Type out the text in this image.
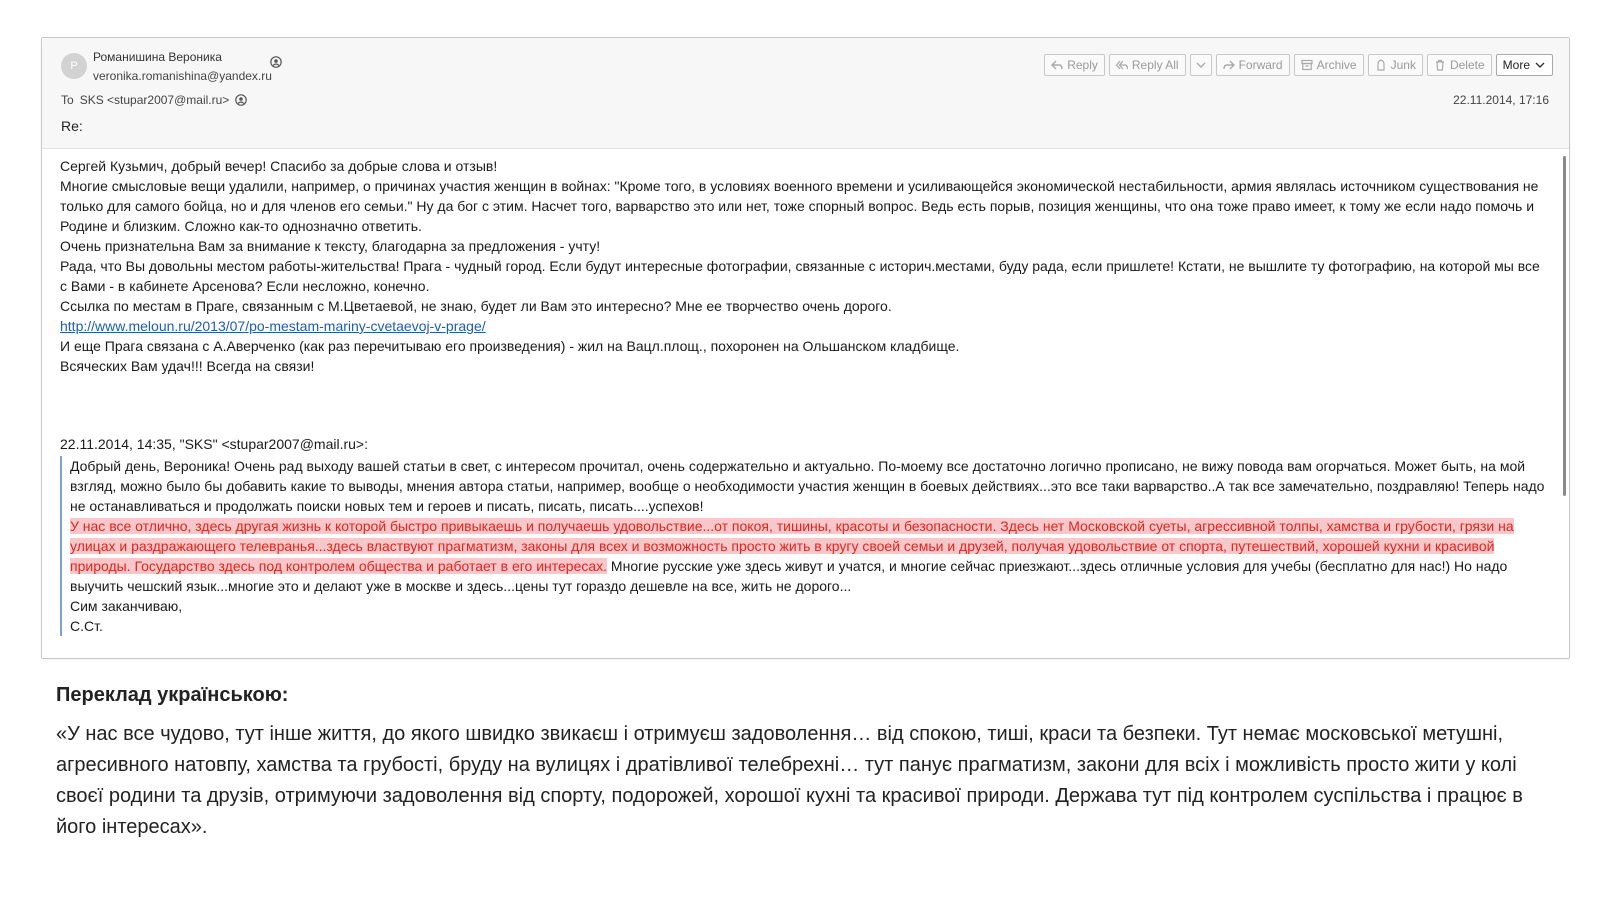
P
Романишина Вероника
veronika.romanishina@yandex.ru
To SKS <stupar2007@mail.ru>
Re:
22.11.2014, 17:16
Reply	Reply All	Forward	Archive	Junk	Delete More

Сергей Кузьмич, добрый вечер! Спасибо за добрые слова и отзыв!

Многие смысловые вещи удалили, например, о причинах участия женщин в войнах: "Кроме того, в условиях военного времени и усиливающейся экономической нестабильности, армия являлась источником существования не только для самого бойца, но и для членов его семьи." Ну да бог с этим. Насчет того, варварство это или нет, тоже спорный вопрос. Ведь есть порыв, позиция женщины, что она тоже право имеет, к тому же если надо помочь и Родине и близким. Сложно как-то однозначно ответить.

Очень признательна Вам за внимание к тексту, благодарна за предложения - учту!

Рада, что Вы довольны местом работы-жительства! Прага - чудный город. Если будут интересные фотографии, связанные с историч.местами, буду рада, если пришлете! Кстати, не вышлите ту фотографию, на которой мы все с Вами - в кабинете Арсенова? Если несложно, конечно.

Ссылка по местам в Праге, связанным с М.Цветаевой, не знаю, будет ли Вам это интересно? Мне ее творчество очень дорого.

http://www.meloun.ru/2013/07/po-mestam-mariny-cvetaevoj-v-prage/

И еще Прага связана с А.Аверченко (как раз перечитываю его произведения) - жил на Вацл.площ., похоронен на Ольшанском кладбище.

Всяческих Вам удач!!! Всегда на связи!

22.11.2014, 14:35, "SKS" <stupar2007@mail.ru>:

Добрый день, Вероника! Очень рад выходу вашей статьи в свет, с интересом прочитал, очень содержательно и актуально. По-моему все достаточно логично прописано, не вижу повода вам огорчаться. Может быть, на мой взгляд, можно было бы добавить какие то выводы, мнения автора статьи, например, вообще о необходимости участия женщин в боевых действиях...это все таки варварство..А так все замечательно, поздравляю! Теперь надо не останавливаться и продолжать поиски новых тем и героев и писать, писать, писать....успехов!

У нас все отлично, здесь другая жизнь к которой быстро привыкаешь и получаешь удовольствие...от покоя, тишины, красоты и безопасности. Здесь нет Московской суеты, агрессивной толпы, хамства и грубости, грязи на улицах и раздражающего телевранья...здесь властвуют прагматизм, законы для всех и возможность просто жить в кругу своей семьи и друзей, получая удовольствие от спорта, путешествий, хорошей кухни и красивой природы. Государство здесь под контролем общества и работает в его интересах. Многие русские уже здесь живут и учатся, и многие сейчас приезжают...здесь отличные условия для учебы (бесплатно для нас!) Но надо выучить чешский язык...многие это и делают уже в москве и здесь...цены тут гораздо дешевле на все, жить не дорого...

Сим заканчиваю,

С.Ст.

Переклад українською:
«У нас все чудово, тут інше життя, до якого швидко звикаєш і отримуєш задоволення… від спокою, тиші, краси та безпеки. Тут немає московської метушні, агресивного натовпу, хамства та грубості, бруду на вулицях і дратівливої телебрехні… тут панує прагматизм, закони для всіх і можливість просто жити у колі своєї родини та друзів, отримуючи задоволення від спорту, подорожей, хорошої кухні та красивої природи. Держава тут під контролем суспільства і працює в його інтересах».
